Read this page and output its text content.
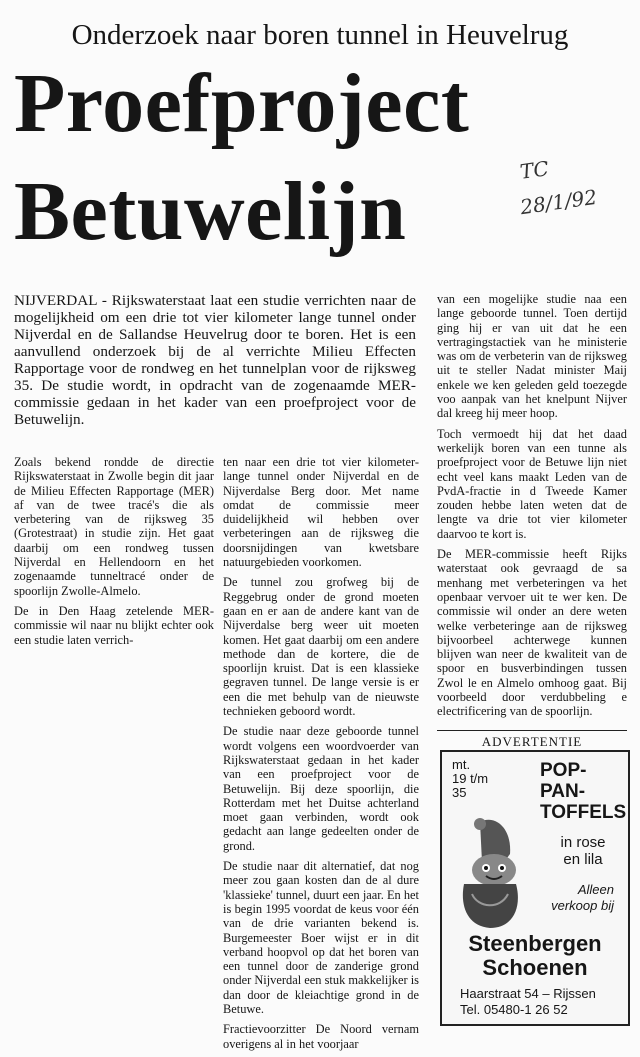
Onderzoek naar boren tunnel in Heuvelrug
Proefproject
Betuwelijn	TC
28/1/92

NIJVERDAL - Rijkswaterstaat laat een studie verrichten naar de mogelijkheid om een drie tot vier kilometer lange tunnel onder Nijverdal en de Sallandse Heuvelrug door te boren. Het is een aanvullend onderzoek bij de al verrichte Milieu Effecten Rapportage voor de rondweg en het tunnelplan voor de rijksweg 35. De studie wordt, in opdracht van de zogenaamde MER-commissie gedaan in het kader van een proefproject voor de Betuwelijn.

Zoals bekend rondde de directie Rijkswaterstaat in Zwolle begin dit jaar de Milieu Effecten Rapportage (MER) af van de twee tracé's die als verbetering van de rijksweg 35 (Grotestraat) in studie zijn. Het gaat daarbij om een rondweg tussen Nijverdal en Hellendoorn en het zogenaamde tunneltracé onder de spoorlijn Zwolle-Almelo.

De in Den Haag zetelende MER-commissie wil naar nu blijkt echter ook een studie laten verrich-

ten naar een drie tot vier kilometer-lange tunnel onder Nijverdal en de Nijverdalse Berg door. Met name omdat de commissie meer duidelijkheid wil hebben over verbeteringen aan de rijksweg die doorsnijdingen van kwetsbare natuurgebieden voorkomen.

De tunnel zou grofweg bij de Reggebrug onder de grond moeten gaan en er aan de andere kant van de Nijverdalse berg weer uit moeten komen. Het gaat daarbij om een andere methode dan de kortere, die de spoorlijn kruist. Dat is een klassieke gegraven tunnel. De lange versie is er een die met behulp van de nieuwste technieken geboord wordt.

De studie naar deze geboorde tunnel wordt volgens een woordvoerder van Rijkswaterstaat gedaan in het kader van een proefproject voor de Betuwelijn. Bij deze spoorlijn, die Rotterdam met het Duitse achterland moet gaan verbinden, wordt ook gedacht aan lange gedeelten onder de grond.

De studie naar dit alternatief, dat nog meer zou gaan kosten dan de al dure 'klassieke' tunnel, duurt een jaar. En het is begin 1995 voordat de keus voor één van de drie varianten bekend is. Burgemeester Boer wijst er in dit verband hoopvol op dat het boren van een tunnel door de zanderige grond onder Nijverdal een stuk makkelijker is dan door de kleiachtige grond in de Betuwe.

Fractievoorzitter De Noord vernam overigens al in het voorjaar

van een mogelijke studie naa een lange geboorde tunnel. Toen dertijd ging hij er van uit dat he een vertragingstactiek van he ministerie was om de verbeterin van de rijksweg uit te steller Nadat minister Maij enkele we ken geleden geld toezegde voo aanpak van het knelpunt Nijver dal kreeg hij meer hoop.

Toch vermoedt hij dat het daad werkelijk boren van een tunne als proefproject voor de Betuwe lijn niet echt veel kans maakt Leden van de PvdA-fractie in d Tweede Kamer zouden hebbe laten weten dat de lengte va drie tot vier kilometer daarvoo te kort is.

De MER-commissie heeft Rijks waterstaat ook gevraagd de sa menhang met verbeteringen va het openbaar vervoer uit te wer ken. De commissie wil onder an dere weten welke verbeteringe aan de rijksweg bijvoorbeel achterwege kunnen blijven wan neer de kwaliteit van de spoor en busverbindingen tussen Zwol le en Almelo omhoog gaat. Bij voorbeeld door verdubbeling e electrificering van de spoorlijn.

ADVERTENTIE
mt.
19 t/m
35
POP-
PAN-
TOFFELS
in rose
en lila
Alleen
verkoop bij
Steenbergen
Schoenen
Haarstraat 54 – Rijssen
Tel. 05480-1 26 52
